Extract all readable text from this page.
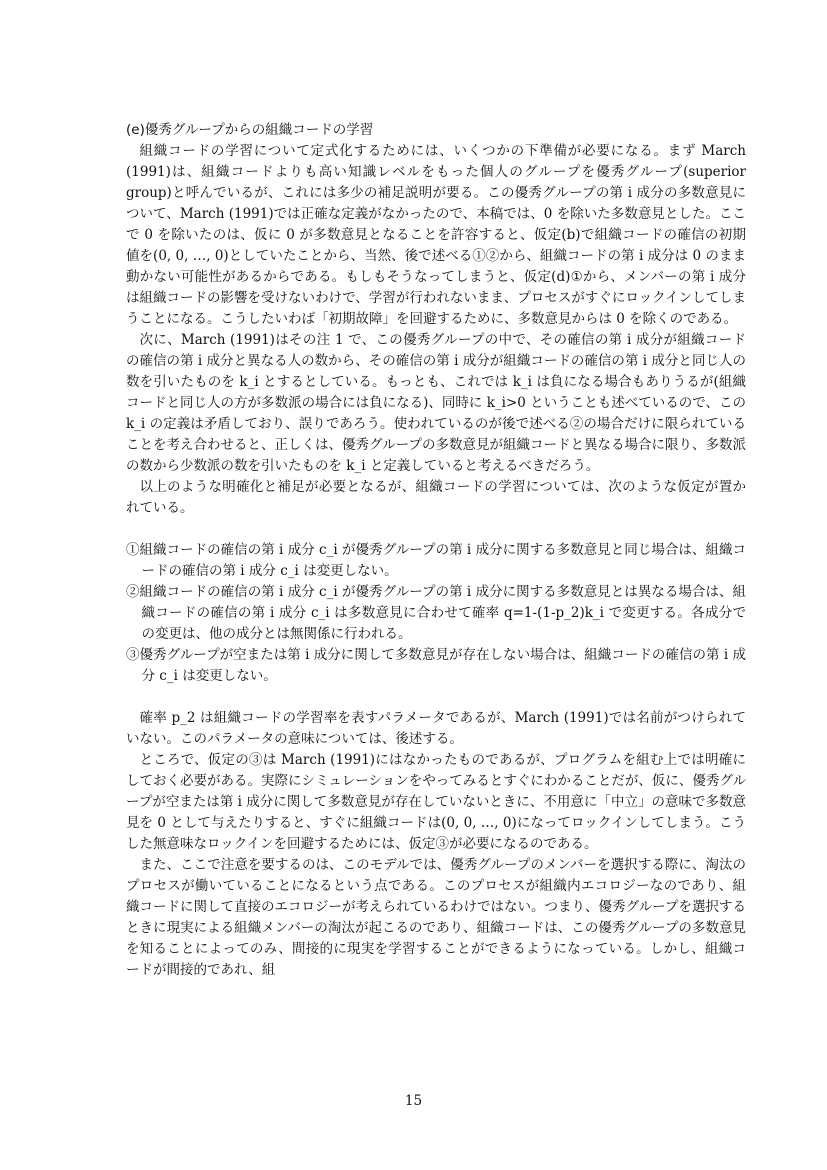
(e)優秀グループからの組織コードの学習

組織コードの学習について定式化するためには、いくつかの下準備が必要になる。まず March (1991)は、組織コードよりも高い知識レベルをもった個人のグループを優秀グループ(superior group)と呼んでいるが、これには多少の補足説明が要る。この優秀グループの第 i 成分の多数意見について、March (1991)では正確な定義がなかったので、本稿では、0 を除いた多数意見とした。ここで 0 を除いたのは、仮に 0 が多数意見となることを許容すると、仮定(b)で組織コードの確信の初期値を(0, 0, …, 0)としていたことから、当然、後で述べる①②から、組織コードの第 i 成分は 0 のまま動かない可能性があるからである。もしもそうなってしまうと、仮定(d)①から、メンバーの第 i 成分は組織コードの影響を受けないわけで、学習が行われないまま、プロセスがすぐにロックインしてしまうことになる。こうしたいわば「初期故障」を回避するために、多数意見からは 0 を除くのである。

次に、March (1991)はその注 1 で、この優秀グループの中で、その確信の第 i 成分が組織コードの確信の第 i 成分と異なる人の数から、その確信の第 i 成分が組織コードの確信の第 i 成分と同じ人の数を引いたものを k_i とするとしている。もっとも、これでは k_i は負になる場合もありうるが(組織コードと同じ人の方が多数派の場合には負になる)、同時に k_i>0 ということも述べているので、この k_i の定義は矛盾しており、誤りであろう。使われているのが後で述べる②の場合だけに限られていることを考え合わせると、正しくは、優秀グループの多数意見が組織コードと異なる場合に限り、多数派の数から少数派の数を引いたものを k_i と定義していると考えるべきだろう。

以上のような明確化と補足が必要となるが、組織コードの学習については、次のような仮定が置かれている。

①組織コードの確信の第 i 成分 c_i が優秀グループの第 i 成分に関する多数意見と同じ場合は、組織コードの確信の第 i 成分 c_i は変更しない。
②組織コードの確信の第 i 成分 c_i が優秀グループの第 i 成分に関する多数意見とは異なる場合は、組織コードの確信の第 i 成分 c_i は多数意見に合わせて確率 q=1-(1-p_2)k_i で変更する。各成分での変更は、他の成分とは無関係に行われる。
③優秀グループが空または第 i 成分に関して多数意見が存在しない場合は、組織コードの確信の第 i 成分 c_i は変更しない。

確率 p_2 は組織コードの学習率を表すパラメータであるが、March (1991)では名前がつけられていない。このパラメータの意味については、後述する。

ところで、仮定の③は March (1991)にはなかったものであるが、プログラムを組む上では明確にしておく必要がある。実際にシミュレーションをやってみるとすぐにわかることだが、仮に、優秀グループが空または第 i 成分に関して多数意見が存在していないときに、不用意に「中立」の意味で多数意見を 0 として与えたりすると、すぐに組織コードは(0, 0, …, 0)になってロックインしてしまう。こうした無意味なロックインを回避するためには、仮定③が必要になるのである。

また、ここで注意を要するのは、このモデルでは、優秀グループのメンバーを選択する際に、淘汰のプロセスが働いていることになるという点である。このプロセスが組織内エコロジーなのであり、組織コードに関して直接のエコロジーが考えられているわけではない。つまり、優秀グループを選択するときに現実による組織メンバーの淘汰が起こるのであり、組織コードは、この優秀グループの多数意見を知ることによってのみ、間接的に現実を学習することができるようになっている。しかし、組織コードが間接的であれ、組

15
